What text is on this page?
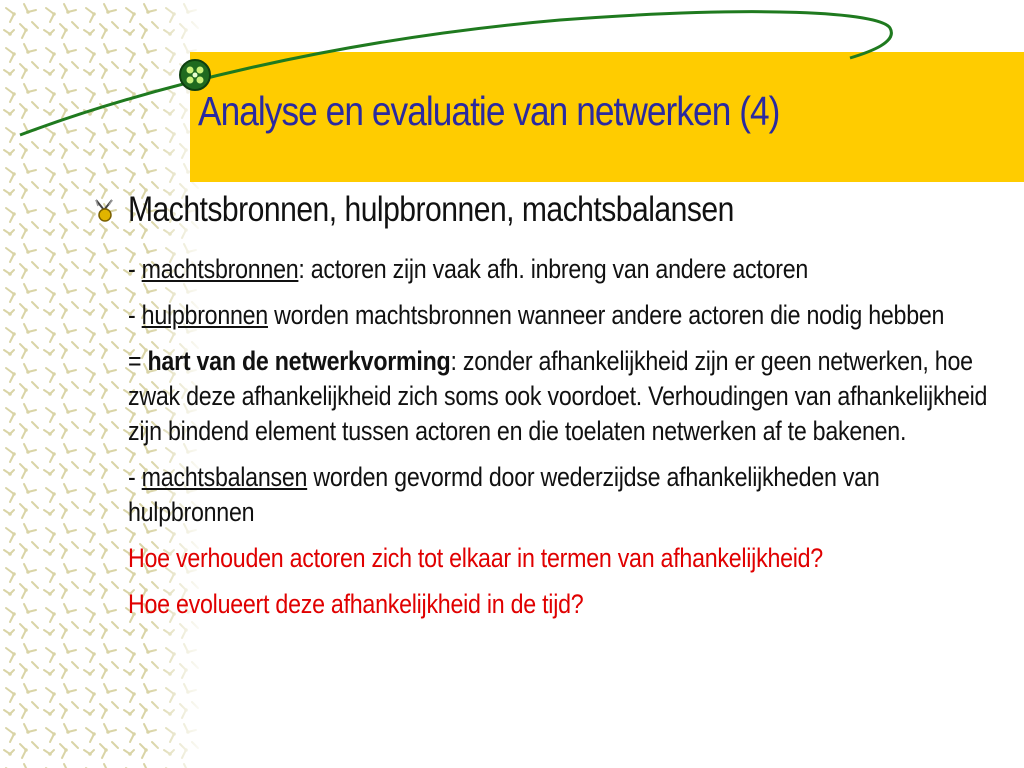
Analyse en evaluatie van netwerken (4)
Machtsbronnen, hulpbronnen, machtsbalansen

- machtsbronnen: actoren zijn vaak afh. inbreng van andere actoren

- hulpbronnen worden machtsbronnen wanneer andere actoren die nodig hebben

= hart van de netwerkvorming: zonder afhankelijkheid zijn er geen netwerken, hoe zwak deze afhankelijkheid zich soms ook voordoet. Verhoudingen van afhankelijkheid zijn bindend element tussen actoren en die toelaten netwerken af te bakenen.

- machtsbalansen worden gevormd door wederzijdse afhankelijkheden van hulpbronnen

Hoe verhouden actoren zich tot elkaar in termen van afhankelijkheid?

Hoe evolueert deze afhankelijkheid in de tijd?
